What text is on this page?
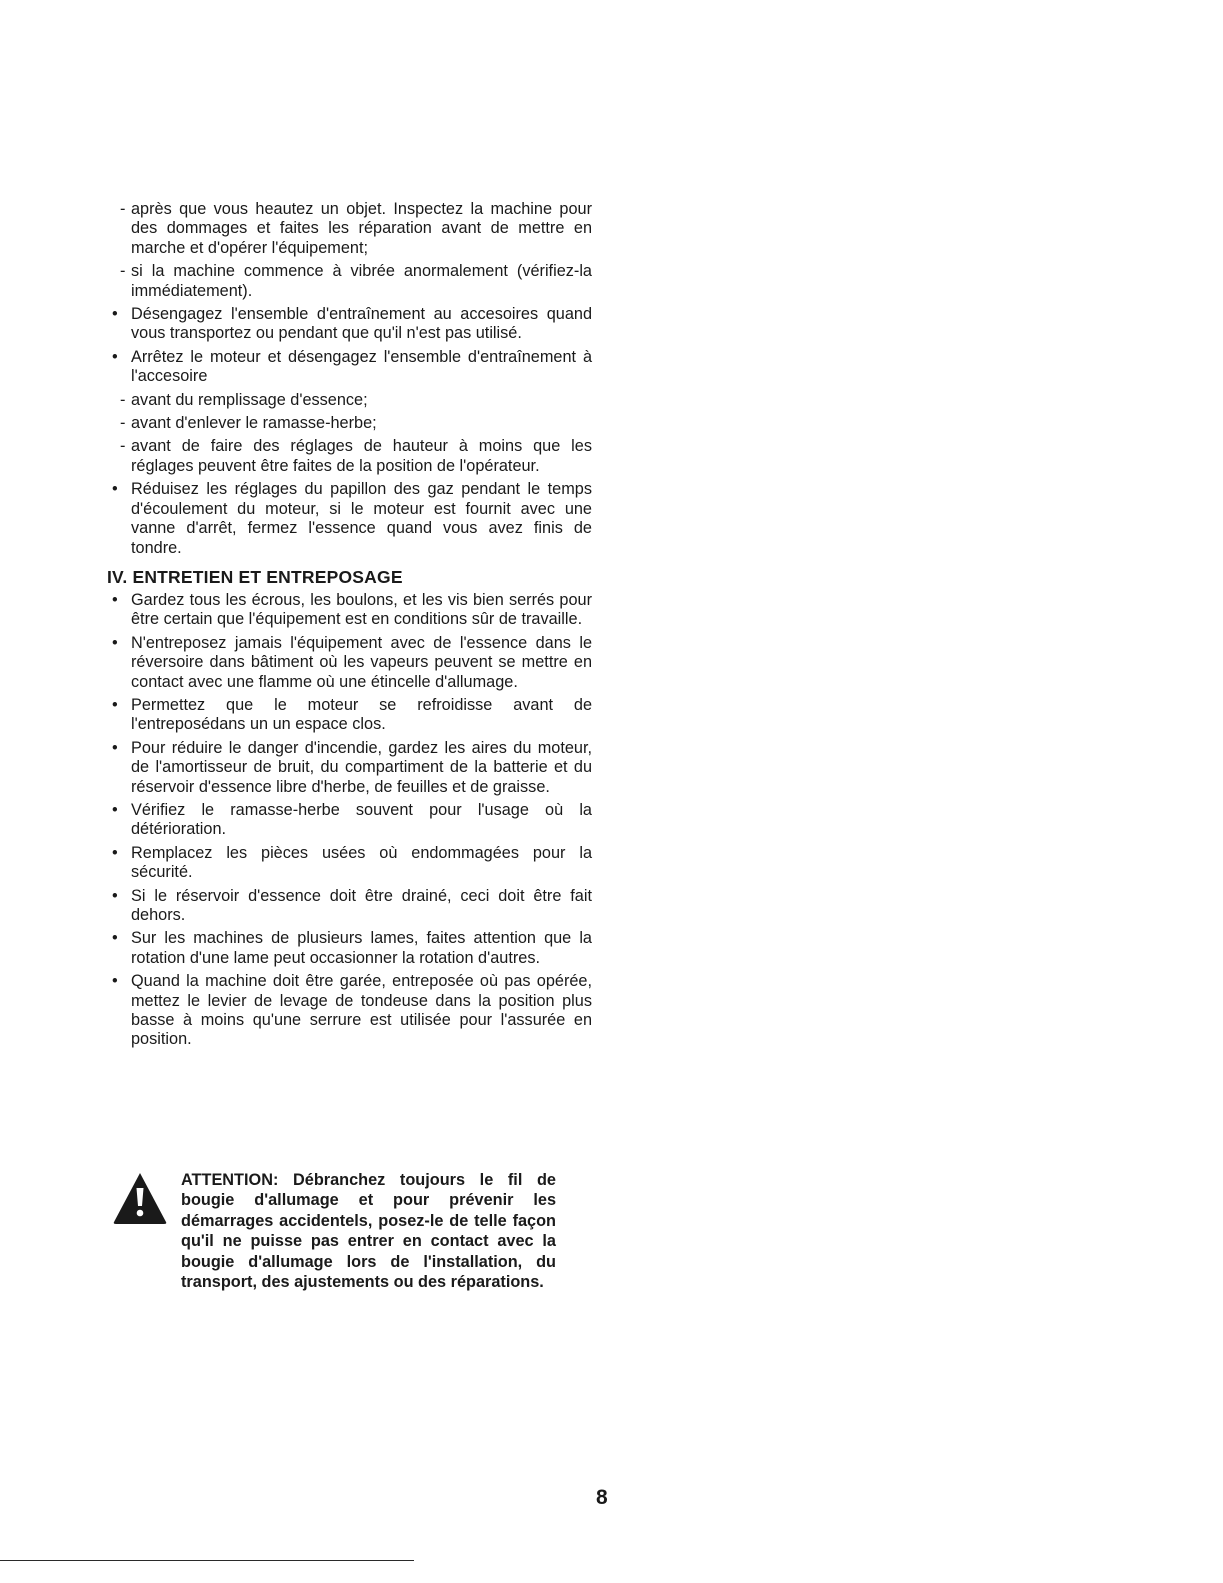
- après que vous heautez un objet. Inspectez la machine pour des dommages et faites les réparation avant de mettre en marche et d'opérer l'équipement;
- si la machine commence à vibrée anormalement (vérifiez-la immédiatement).
• Désengagez l'ensemble d'entraînement au accesoires quand vous transportez ou pendant que qu'il n'est pas utilisé.
• Arrêtez le moteur et désengagez l'ensemble d'entraînement à l'accesoire
- avant du remplissage d'essence;
- avant d'enlever le ramasse-herbe;
- avant de faire des réglages de hauteur à moins que les réglages peuvent être faites de la position de l'opérateur.
• Réduisez les réglages du papillon des gaz pendant le temps d'écoulement du moteur, si le moteur est fournit avec une vanne d'arrêt, fermez l'essence quand vous avez finis de tondre.
IV. ENTRETIEN ET ENTREPOSAGE
• Gardez tous les écrous, les boulons, et les vis bien serrés pour être certain que l'équipement est en conditions sûr de travaille.
• N'entreposez jamais l'équipement avec de l'essence dans le réversoire dans bâtiment où les vapeurs peuvent se mettre en contact avec une flamme où une étincelle d'allumage.
• Permettez que le moteur se refroidisse avant de l'entreposédans un un espace clos.
• Pour réduire le danger d'incendie, gardez les aires du moteur, de l'amortisseur de bruit, du compartiment de la batterie et du réservoir d'essence libre d'herbe, de feuilles et de graisse.
• Vérifiez le ramasse-herbe souvent pour l'usage où la détérioration.
• Remplacez les pièces usées où endommagées pour la sécurité.
• Si le réservoir d'essence doit être drainé, ceci doit être fait dehors.
• Sur les machines de plusieurs lames, faites attention que la rotation d'une lame peut occasionner la rotation d'autres.
• Quand la machine doit être garée, entreposée où pas opérée, mettez le levier de levage de tondeuse dans la position plus basse à moins qu'une serrure est utilisée pour l'assurée en position.
ATTENTION: Débranchez toujours le fil de bougie d'allumage et pour prévenir les démarrages accidentels, posez-le de telle façon qu'il ne puisse pas entrer en contact avec la bougie d'allumage lors de l'installation, du transport, des ajustements ou des réparations.
8
